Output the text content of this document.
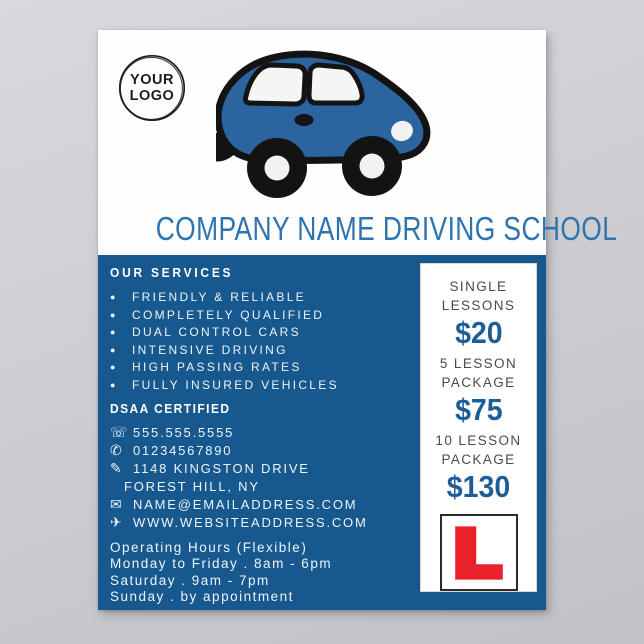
YOUR
LOGO
COMPANY NAME DRIVING SCHOOL
OUR SERVICES
●	FRIENDLY & RELIABLE
●	COMPLETELY QUALIFIED
●	DUAL CONTROL CARS
●	INTENSIVE DRIVING
●	HIGH PASSING RATES
●	FULLY INSURED VEHICLES
DSAA CERTIFIED
☏ 555.555.5555
✆ 01234567890
✎ 1148 KINGSTON DRIVE
FOREST HILL, NY
✉ NAME@EMAILADDRESS.COM
✈ WWW.WEBSITEADDRESS.COM
Operating Hours (Flexible)
Monday to Friday . 8am - 6pm
Saturday . 9am - 7pm
Sunday . by appointment
SINGLE
LESSONS
$20
5 LESSON
PACKAGE
$75
10 LESSON
PACKAGE
$130
